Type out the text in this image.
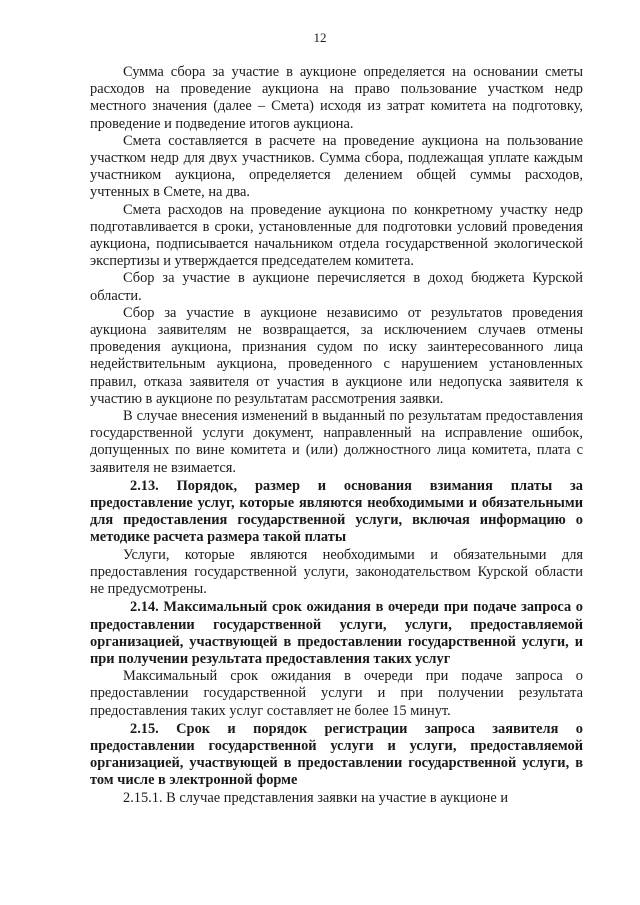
12

Сумма сбора за участие в аукционе определяется на основании сметы расходов на проведение аукциона на право пользование участком недр местного значения (далее – Смета) исходя из затрат комитета на подготовку, проведение и подведение итогов аукциона.

Смета составляется в расчете на проведение аукциона на пользование участком недр для двух участников. Сумма сбора, подлежащая уплате каждым участником аукциона, определяется делением общей суммы расходов, учтенных в Смете, на два.

Смета расходов на проведение аукциона по конкретному участку недр подготавливается в сроки, установленные для подготовки условий проведения аукциона, подписывается начальником отдела государственной экологической экспертизы и утверждается председателем комитета.

Сбор за участие в аукционе перечисляется в доход бюджета Курской области.

Сбор за участие в аукционе независимо от результатов проведения аукциона заявителям не возвращается, за исключением случаев отмены проведения аукциона, признания судом по иску заинтересованного лица недействительным аукциона, проведенного с нарушением установленных правил, отказа заявителя от участия в аукционе или недопуска заявителя к участию в аукционе по результатам рассмотрения заявки.

В случае внесения изменений в выданный по результатам предоставления государственной услуги документ, направленный на исправление ошибок, допущенных по вине комитета и (или) должностного лица комитета, плата с заявителя не взимается.

2.13. Порядок, размер и основания взимания платы за предоставление услуг, которые являются необходимыми и обязательными для предоставления государственной услуги, включая информацию о методике расчета размера такой платы

Услуги, которые являются необходимыми и обязательными для предоставления государственной услуги, законодательством Курской области не предусмотрены.

2.14. Максимальный срок ожидания в очереди при подаче запроса о предоставлении государственной услуги, услуги, предоставляемой организацией, участвующей в предоставлении государственной услуги, и при получении результата предоставления таких услуг

Максимальный срок ожидания в очереди при подаче запроса о предоставлении государственной услуги и при получении результата предоставления таких услуг составляет не более 15 минут.

2.15. Срок и порядок регистрации запроса заявителя о предоставлении государственной услуги и услуги, предоставляемой организацией, участвующей в предоставлении государственной услуги, в том числе в электронной форме

2.15.1. В случае представления заявки на участие в аукционе и
